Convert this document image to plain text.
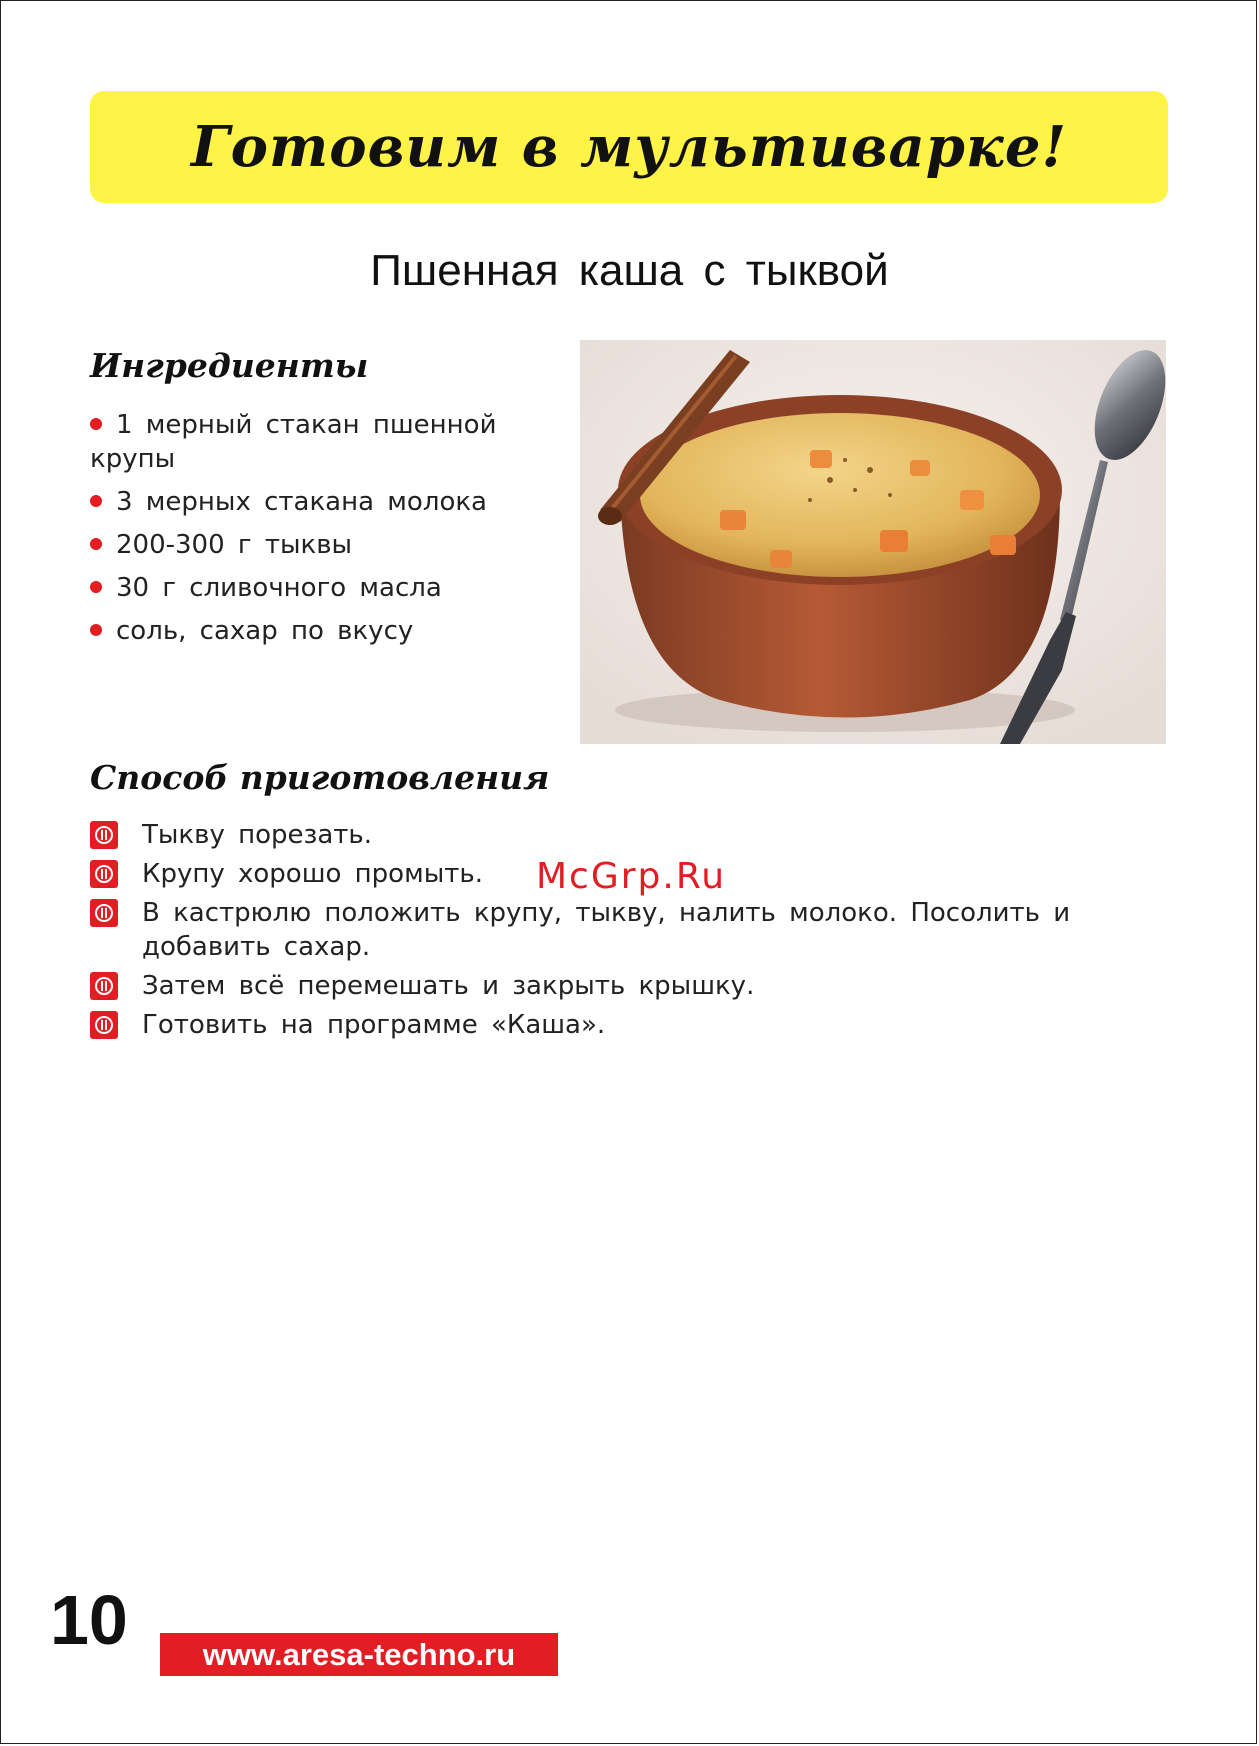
Готовим в мультиварке!
Пшенная каша с тыквой
Ингредиенты
1 мерный стакан пшенной крупы
3 мерных стакана молока
200-300 г тыквы
30 г сливочного масла
соль, сахар по вкусу
Способ приготовления
Тыкву порезать.
Крупу хорошо промыть.
В кастрюлю положить крупу, тыкву, налить молоко. Посолить и добавить сахар.
Затем всё перемешать и закрыть крышку.
Готовить на программе «Каша».
McGrp.Ru
10	www.aresa-techno.ru
